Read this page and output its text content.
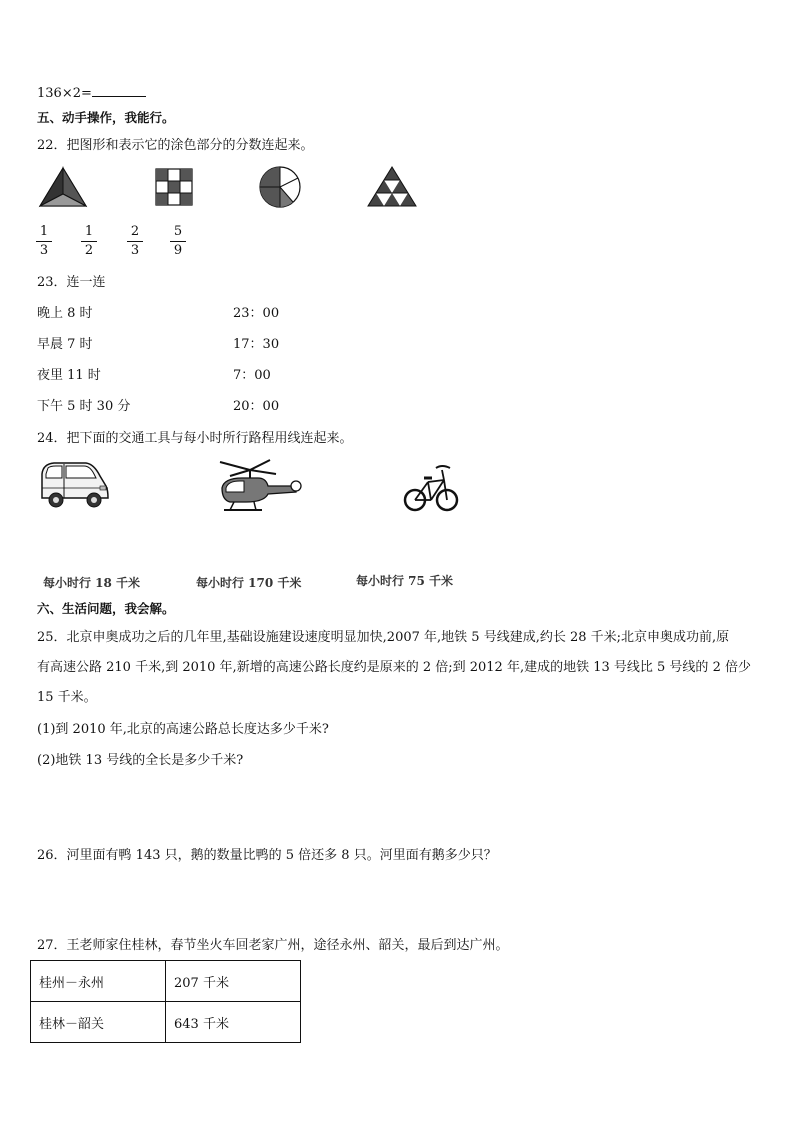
136×2=
五、动手操作，我能行。
22．把图形和表示它的涂色部分的分数连起来。
1
3
1
2
2
3
5
9
23．连一连
晚上 8 时	23：00
早晨 7 时	17：30
夜里 11 时	7：00
下午 5 时 30 分	20：00
24．把下面的交通工具与每小时所行路程用线连起来。
每小时行 18 千米	每小时行 170 千米	每小时行 75 千米
六、生活问题，我会解。
25．北京申奥成功之后的几年里,基础设施建设速度明显加快,2007 年,地铁 5 号线建成,约长 28 千米;北京申奥成功前,原
有高速公路 210 千米,到 2010 年,新增的高速公路长度约是原来的 2 倍;到 2012 年,建成的地铁 13 号线比 5 号线的 2 倍少
15 千米。
(1)到 2010 年,北京的高速公路总长度达多少千米?
(2)地铁 13 号线的全长是多少千米?
26．河里面有鸭 143 只，鹅的数量比鸭的 5 倍还多 8 只。河里面有鹅多少只？
27．王老师家住桂林，春节坐火车回老家广州，途径永州、韶关，最后到达广州。
桂州－永州	207 千米
桂林－韶关	643 千米
